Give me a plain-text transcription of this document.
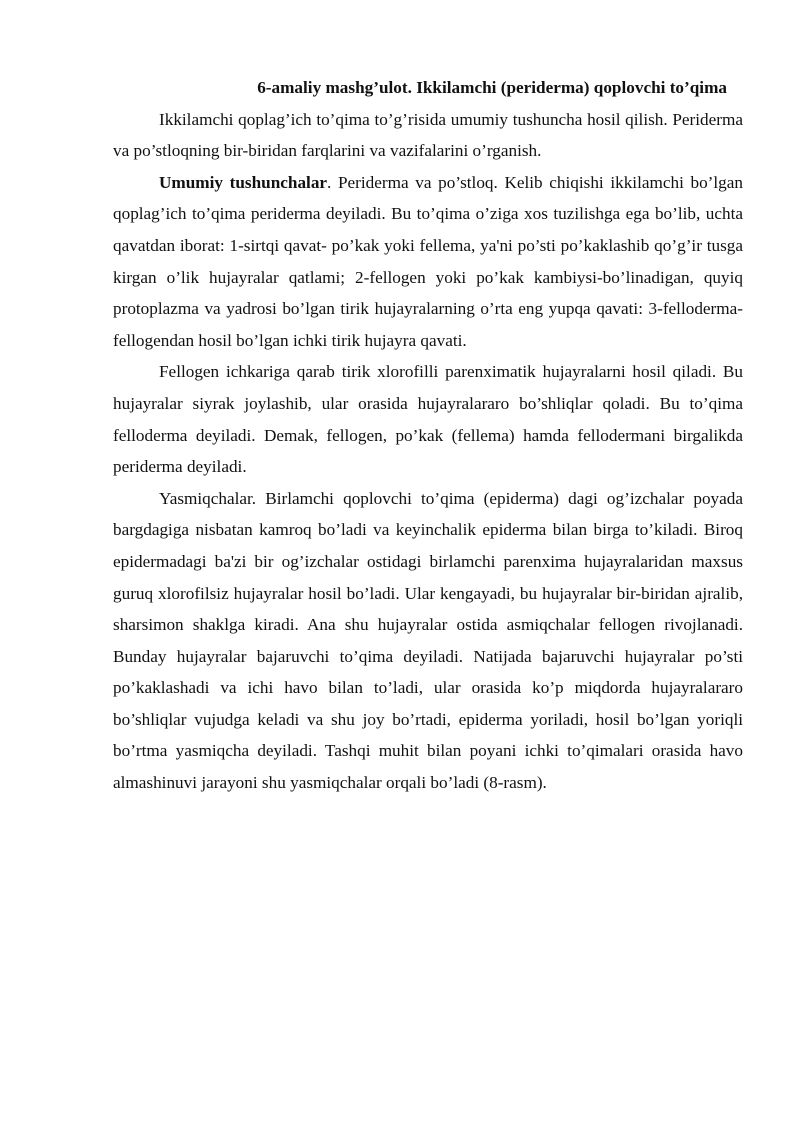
6-amaliy mashg’ulot. Ikkilamchi (periderma) qoplovchi to’qima

Ikkilamchi qoplag’ich to’qima to’g’risida umumiy tushuncha hosil qilish. Periderma va po’stloqning bir-biridan farqlarini va vazifalarini o’rganish.

Umumiy tushunchalar. Periderma va po’stloq. Kelib chiqishi ikkilamchi bo’lgan qoplag’ich to’qima periderma deyiladi. Bu to’qima o’ziga xos tuzilishga ega bo’lib, uchta qavatdan iborat: 1-sirtqi qavat- po’kak yoki fellema, ya'ni po’sti po’kaklashib qo’g’ir tusga kirgan o’lik hujayralar qatlami; 2-fellogen yoki po’kak kambiysi-bo’linadigan, quyiq protoplazma va yadrosi bo’lgan tirik hujayralarning o’rta eng yupqa qavati: 3-felloderma- fellogendan hosil bo’lgan ichki tirik hujayra qavati.

Fellogen ichkariga qarab tirik xlorofilli parenximatik hujayralarni hosil qiladi. Bu hujayralar siyrak joylashib, ular orasida hujayralararo bo’shliqlar qoladi. Bu to’qima felloderma deyiladi. Demak, fellogen, po’kak (fellema) hamda fellodermani birgalikda periderma deyiladi.

Yasmiqchalar. Birlamchi qoplovchi to’qima (epiderma) dagi og’izchalar poyada bargdagiga nisbatan kamroq bo’ladi va keyinchalik epiderma bilan birga to’kiladi. Biroq epidermadagi ba'zi bir og’izchalar ostidagi birlamchi parenxima hujayralaridan maxsus guruq xlorofilsiz hujayralar hosil bo’ladi. Ular kengayadi, bu hujayralar bir-biridan ajralib, sharsimon shaklga kiradi. Ana shu hujayralar ostida asmiqchalar fellogen rivojlanadi. Bunday hujayralar bajaruvchi to’qima deyiladi. Natijada bajaruvchi hujayralar po’sti po’kaklashadi va ichi havo bilan to’ladi, ular orasida ko’p miqdorda hujayralararo bo’shliqlar vujudga keladi va shu joy bo’rtadi, epiderma yoriladi, hosil bo’lgan yoriqli bo’rtma yasmiqcha deyiladi. Tashqi muhit bilan poyani ichki to’qimalari orasida havo almashinuvi jarayoni shu yasmiqchalar orqali bo’ladi (8-rasm).
